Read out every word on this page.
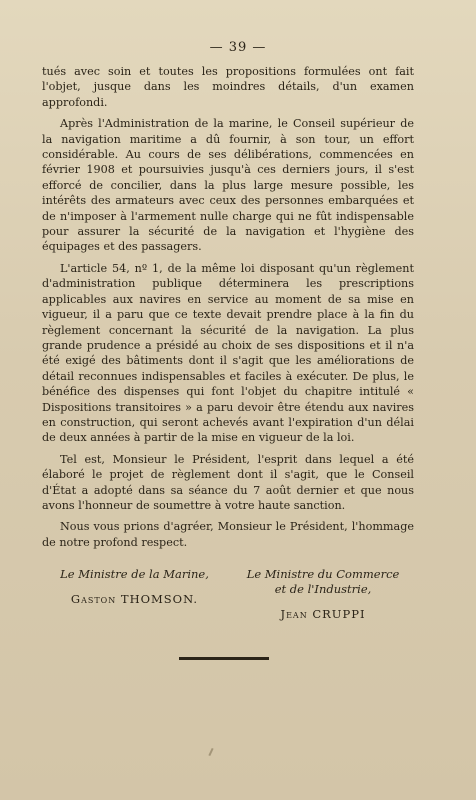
— 39 —

tués avec soin et toutes les propositions formulées ont fait l'objet, jusque dans les moindres détails, d'un examen approfondi.

Après l'Administration de la marine, le Conseil supérieur de la navigation maritime a dû fournir, à son tour, un effort considérable. Au cours de ses délibérations, commencées en février 1908 et poursuivies jusqu'à ces derniers jours, il s'est efforcé de concilier, dans la plus large mesure possible, les intérêts des armateurs avec ceux des personnes embarquées et de n'imposer à l'armement nulle charge qui ne fût indispensable pour assurer la sécurité de la navigation et l'hygiène des équipages et des passagers.

L'article 54, nº 1, de la même loi disposant qu'un règlement d'administration publique déterminera les prescriptions applicables aux navires en service au moment de sa mise en vigueur, il a paru que ce texte devait prendre place à la fin du règlement concernant la sécurité de la navigation. La plus grande prudence a présidé au choix de ses dispositions et il n'a été exigé des bâtiments dont il s'agit que les améliorations de détail reconnues indispensables et faciles à exécuter. De plus, le bénéfice des dispenses qui font l'objet du chapitre intitulé « Dispositions transitoires » a paru devoir être étendu aux navires en construction, qui seront achevés avant l'expiration d'un délai de deux années à partir de la mise en vigueur de la loi.

Tel est, Monsieur le Président, l'esprit dans lequel a été élaboré le projet de règlement dont il s'agit, que le Conseil d'État a adopté dans sa séance du 7 août dernier et que nous avons l'honneur de soumettre à votre haute sanction.

Nous vous prions d'agréer, Monsieur le Président, l'hommage de notre profond respect.

Le Ministre de la Marine,
Gaston THOMSON.
Le Ministre du Commerce
et de l'Industrie,
Jean CRUPPI
